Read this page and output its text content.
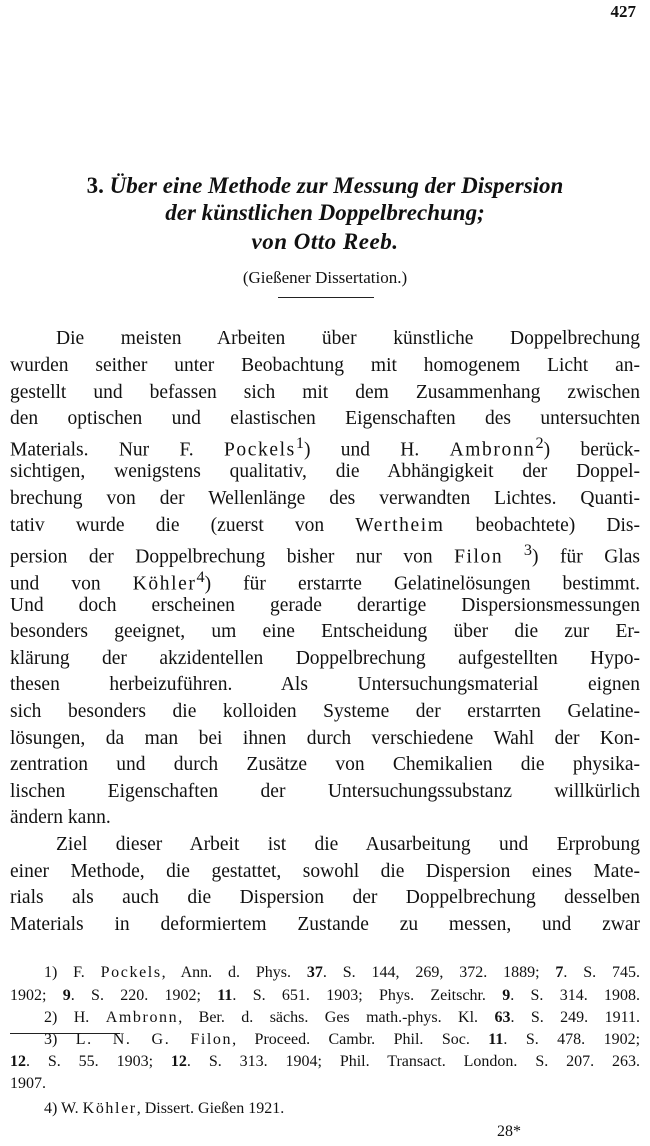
427
3. Über eine Methode zur Messung der Dispersion
der künstlichen Doppelbrechung;
von Otto Reeb.
(Gießener Dissertation.)
Die meisten Arbeiten über künstliche Doppelbrechung
wurden seither unter Beobachtung mit homogenem Licht an-
gestellt und befassen sich mit dem Zusammenhang zwischen
den optischen und elastischen Eigenschaften des untersuchten
Materials. Nur F. Pockels$^1$) und H. Ambronn$^2$) berück-
sichtigen, wenigstens qualitativ, die Abhängigkeit der Doppel-
brechung von der Wellenlänge des verwandten Lichtes. Quanti-
tativ wurde die (zuerst von Wertheim beobachtete) Dis-
persion der Doppelbrechung bisher nur von Filon $^3$) für Glas
und von Köhler$^4$) für erstarrte Gelatinelösungen bestimmt.
Und doch erscheinen gerade derartige Dispersionsmessungen
besonders geeignet, um eine Entscheidung über die zur Er-
klärung der akzidentellen Doppelbrechung aufgestellten Hypo-
thesen herbeizuführen. Als Untersuchungsmaterial eignen
sich besonders die kolloiden Systeme der erstarrten Gelatine-
lösungen, da man bei ihnen durch verschiedene Wahl der Kon-
zentration und durch Zusätze von Chemikalien die physika-
lischen Eigenschaften der Untersuchungssubstanz willkürlich
ändern kann.
Ziel dieser Arbeit ist die Ausarbeitung und Erprobung
einer Methode, die gestattet, sowohl die Dispersion eines Mate-
rials als auch die Dispersion der Doppelbrechung desselben
Materials in deformiertem Zustande zu messen, und zwar
1) F. Pockels, Ann. d. Phys. 37. S. 144, 269, 372. 1889; 7. S. 745.
1902; 9. S. 220. 1902; 11. S. 651. 1903; Phys. Zeitschr. 9. S. 314. 1908.
2) H. Ambronn, Ber. d. sächs. Ges math.-phys. Kl. 63. S. 249. 1911.
3) L. N. G. Filon, Proceed. Cambr. Phil. Soc. 11. S. 478. 1902;
12. S. 55. 1903; 12. S. 313. 1904; Phil. Transact. London. S. 207. 263.
1907.
4) W. Köhler, Dissert. Gießen 1921.
28*
